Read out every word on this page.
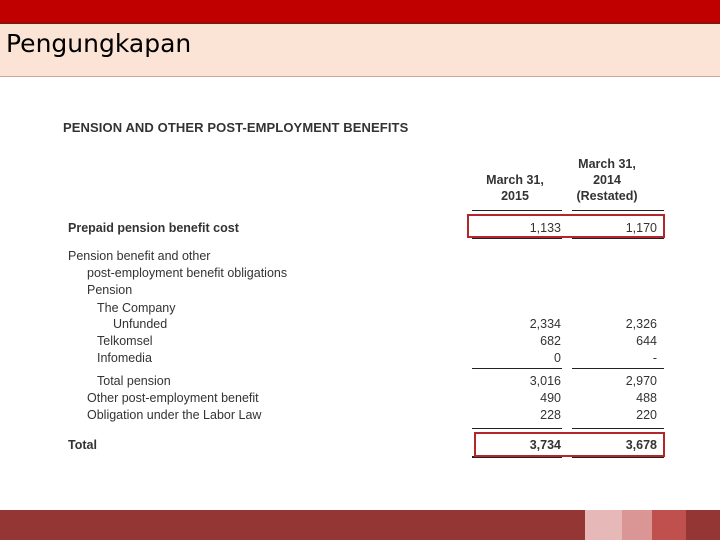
Pengungkapan
PENSION AND OTHER POST-EMPLOYMENT BENEFITS
March 31,
2015
March 31,
2014
(Restated)
Prepaid pension benefit cost	1,133	1,170
Pension benefit and other
post-employment benefit obligations
Pension
The Company
Unfunded	2,334	2,326
Telkomsel	682	644
Infomedia	0	-
Total pension	3,016	2,970
Other post-employment benefit	490	488
Obligation under the Labor Law	228	220
Total	3,734	3,678
